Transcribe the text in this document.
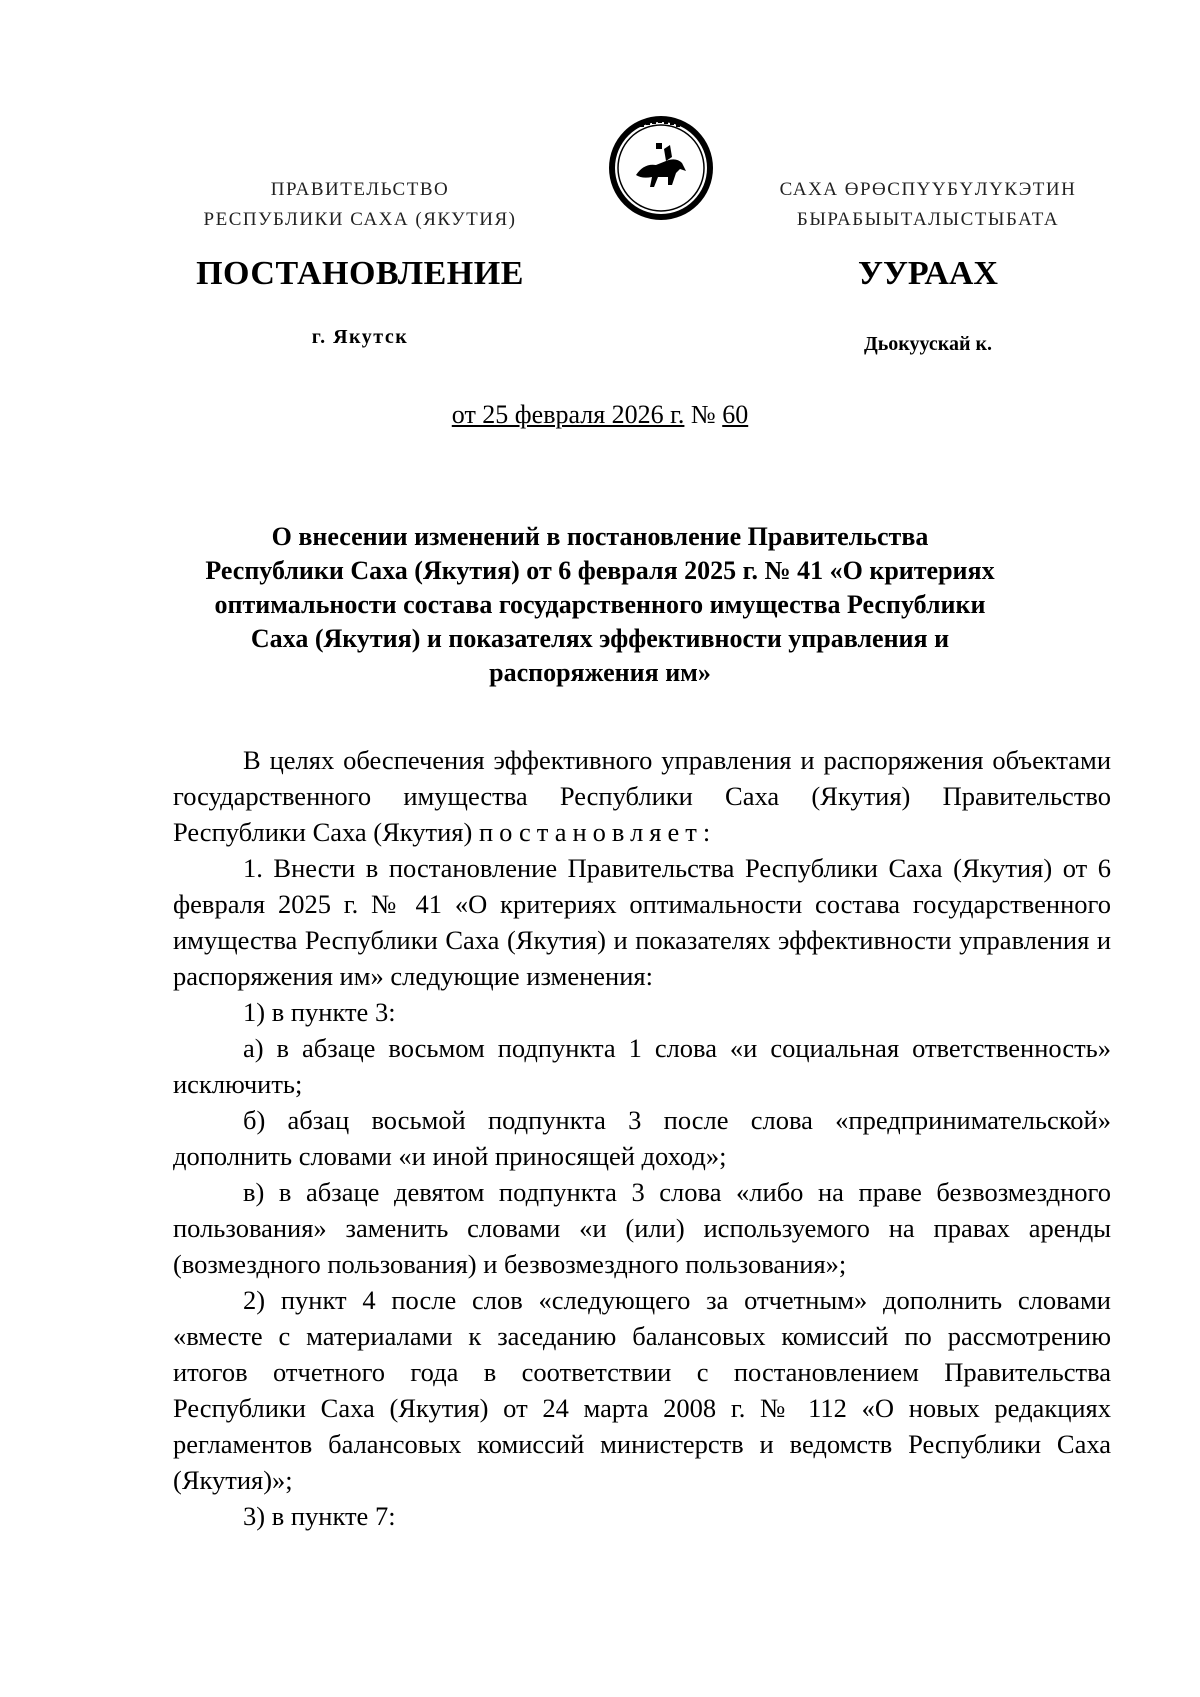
ПРАВИТЕЛЬСТВО
РЕСПУБЛИКИ САХА (ЯКУТИЯ)
САХА ӨРӨСПҮҮБҮЛҮКЭТИН
БЫРАБЫЫТАЛЫСТЫБАТА
ПОСТАНОВЛЕНИЕ	УУРААХ
г. Якутск	Дьокуускай к.
от 25 февраля 2026 г. № 60
О внесении изменений в постановление Правительства Республики Саха (Якутия) от 6 февраля 2025 г. № 41 «О критериях оптимальности состава государственного имущества Республики Саха (Якутия) и показателях эффективности управления и распоряжения им»

В целях обеспечения эффективного управления и распоряжения объектами государственного имущества Республики Саха (Якутия) Правительство Республики Саха (Якутия) постановляет:

1. Внести в постановление Правительства Республики Саха (Якутия) от 6 февраля 2025 г. № 41 «О критериях оптимальности состава государственного имущества Республики Саха (Якутия) и показателях эффективности управления и распоряжения им» следующие изменения:

1) в пункте 3:

а) в абзаце восьмом подпункта 1 слова «и социальная ответственность» исключить;

б) абзац восьмой подпункта 3 после слова «предпринимательской» дополнить словами «и иной приносящей доход»;

в) в абзаце девятом подпункта 3 слова «либо на праве безвозмездного пользования» заменить словами «и (или) используемого на правах аренды (возмездного пользования) и безвозмездного пользования»;

2) пункт 4 после слов «следующего за отчетным» дополнить словами «вместе с материалами к заседанию балансовых комиссий по рассмотрению итогов отчетного года в соответствии с постановлением Правительства Республики Саха (Якутия) от 24 марта 2008 г. № 112 «О новых редакциях регламентов балансовых комиссий министерств и ведомств Республики Саха (Якутия)»;

3) в пункте 7:
